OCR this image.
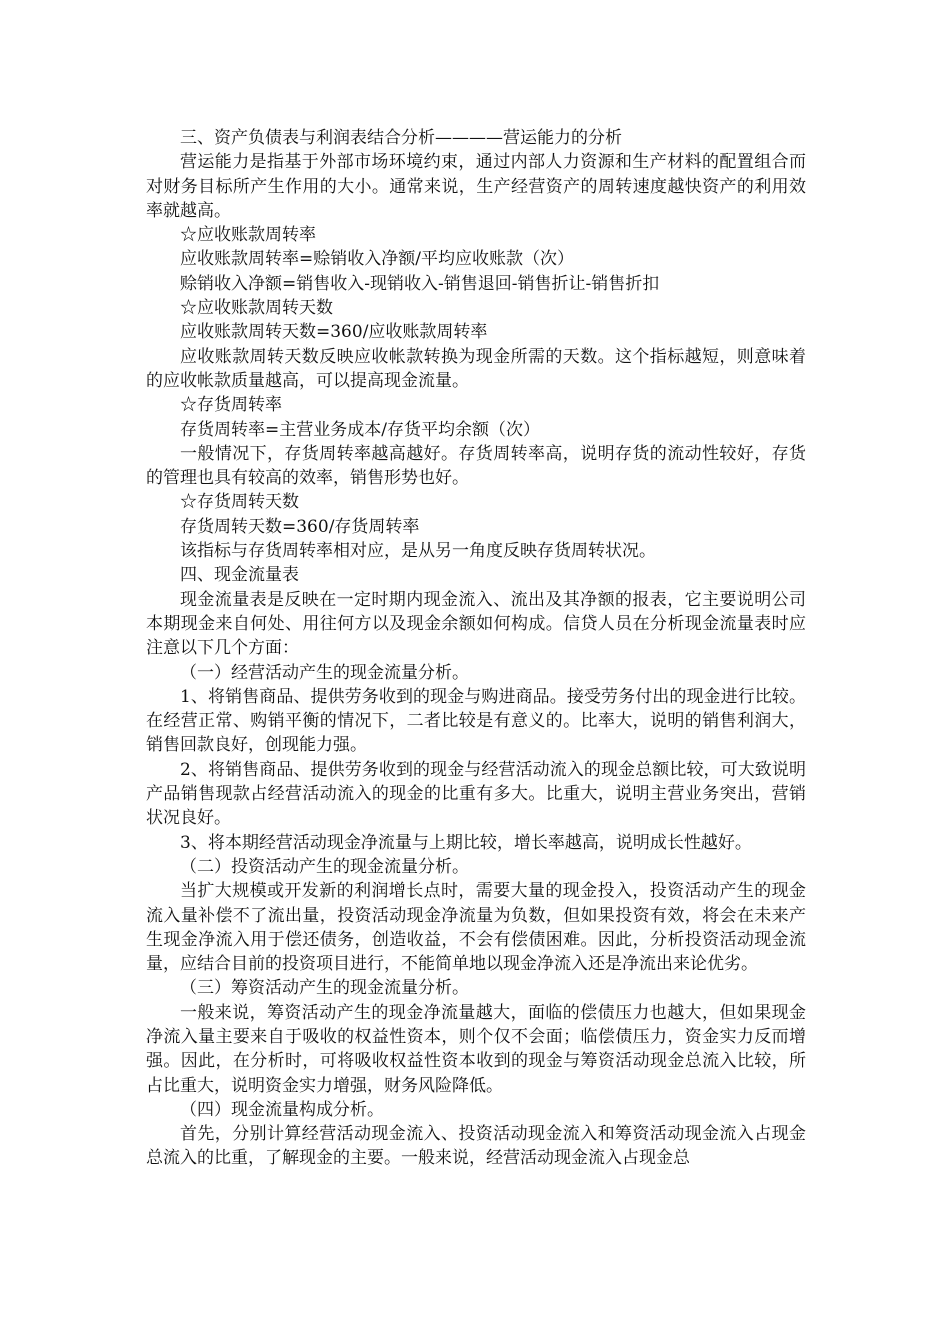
三、资产负债表与利润表结合分析————营运能力的分析

营运能力是指基于外部市场环境约束，通过内部人力资源和生产材料的配置组合而对财务目标所产生作用的大小。通常来说，生产经营资产的周转速度越快资产的利用效率就越高。

☆应收账款周转率

应收账款周转率=赊销收入净额/平均应收账款（次）

赊销收入净额=销售收入-现销收入-销售退回-销售折让-销售折扣

☆应收账款周转天数

应收账款周转天数=360/应收账款周转率

应收账款周转天数反映应收帐款转换为现金所需的天数。这个指标越短，则意味着的应收帐款质量越高，可以提高现金流量。

☆存货周转率

存货周转率=主营业务成本/存货平均余额（次）

一般情况下，存货周转率越高越好。存货周转率高，说明存货的流动性较好，存货的管理也具有较高的效率，销售形势也好。

☆存货周转天数

存货周转天数=360/存货周转率

该指标与存货周转率相对应，是从另一角度反映存货周转状况。

四、现金流量表

现金流量表是反映在一定时期内现金流入、流出及其净额的报表，它主要说明公司本期现金来自何处、用往何方以及现金余额如何构成。信贷人员在分析现金流量表时应注意以下几个方面：

（一）经营活动产生的现金流量分析。

1、将销售商品、提供劳务收到的现金与购进商品。接受劳务付出的现金进行比较。在经营正常、购销平衡的情况下，二者比较是有意义的。比率大，说明的销售利润大，销售回款良好，创现能力强。

2、将销售商品、提供劳务收到的现金与经营活动流入的现金总额比较，可大致说明产品销售现款占经营活动流入的现金的比重有多大。比重大，说明主营业务突出，营销状况良好。

3、将本期经营活动现金净流量与上期比较，增长率越高，说明成长性越好。

（二）投资活动产生的现金流量分析。

当扩大规模或开发新的利润增长点时，需要大量的现金投入，投资活动产生的现金流入量补偿不了流出量，投资活动现金净流量为负数，但如果投资有效，将会在未来产生现金净流入用于偿还债务，创造收益，不会有偿债困难。因此，分析投资活动现金流量，应结合目前的投资项目进行，不能简单地以现金净流入还是净流出来论优劣。

（三）筹资活动产生的现金流量分析。

一般来说，筹资活动产生的现金净流量越大，面临的偿债压力也越大，但如果现金净流入量主要来自于吸收的权益性资本，则个仅不会面；临偿债压力，资金实力反而增强。因此，在分析时，可将吸收权益性资本收到的现金与筹资活动现金总流入比较，所占比重大，说明资金实力增强，财务风险降低。

（四）现金流量构成分析。

首先，分别计算经营活动现金流入、投资活动现金流入和筹资活动现金流入占现金总流入的比重，了解现金的主要。一般来说，经营活动现金流入占现金总
